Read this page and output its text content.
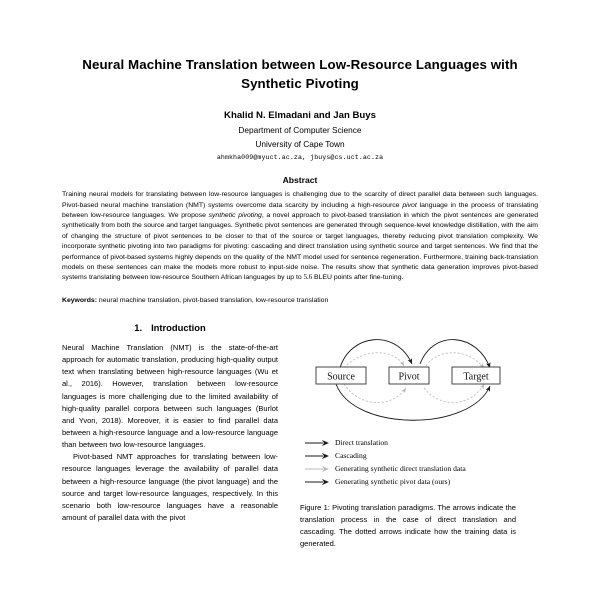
Neural Machine Translation between Low-Resource Languages with Synthetic Pivoting
Khalid N. Elmadani and Jan Buys
Department of Computer Science
University of Cape Town
ahmkha009@myuct.ac.za, jbuys@cs.uct.ac.za
Abstract

Training neural models for translating between low-resource languages is challenging due to the scarcity of direct parallel data between such languages. Pivot-based neural machine translation (NMT) systems overcome data scarcity by including a high-resource pivot language in the process of translating between low-resource languages. We propose synthetic pivoting, a novel approach to pivot-based translation in which the pivot sentences are generated synthetically from both the source and target languages. Synthetic pivot sentences are generated through sequence-level knowledge distillation, with the aim of changing the structure of pivot sentences to be closer to that of the source or target languages, thereby reducing pivot translation complexity. We incorporate synthetic pivoting into two paradigms for pivoting: cascading and direct translation using synthetic source and target sentences. We find that the performance of pivot-based systems highly depends on the quality of the NMT model used for sentence regeneration. Furthermore, training back-translation models on these sentences can make the models more robust to input-side noise. The results show that synthetic data generation improves pivot-based systems translating between low-resource Southern African languages by up to 5.6 BLEU points after fine-tuning.

Keywords: neural machine translation, pivot-based translation, low-resource translation
1. Introduction

Neural Machine Translation (NMT) is the state-of-the-art approach for automatic translation, producing high-quality output text when translating between high-resource languages (Wu et al., 2016). However, translation between low-resource languages is more challenging due to the limited availability of high-quality parallel corpora between such languages (Burlot and Yvon, 2018). Moreover, it is easier to find parallel data between a high-resource language and a low-resource language than between two low-resource languages.

Pivot-based NMT approaches for translating between low-resource languages leverage the availability of parallel data between a high-resource language (the pivot language) and the source and target low-resource languages, respectively. In this scenario both low-resource languages have a reasonable amount of parallel data with the pivot

Source	Pivot	Target
Direct translation
Cascading
Generating synthetic direct translation data
Generating synthetic pivot data (ours)
Figure 1: Pivoting translation paradigms. The arrows indicate the translation process in the case of direct translation and cascading. The dotted arrows indicate how the training data is generated.
